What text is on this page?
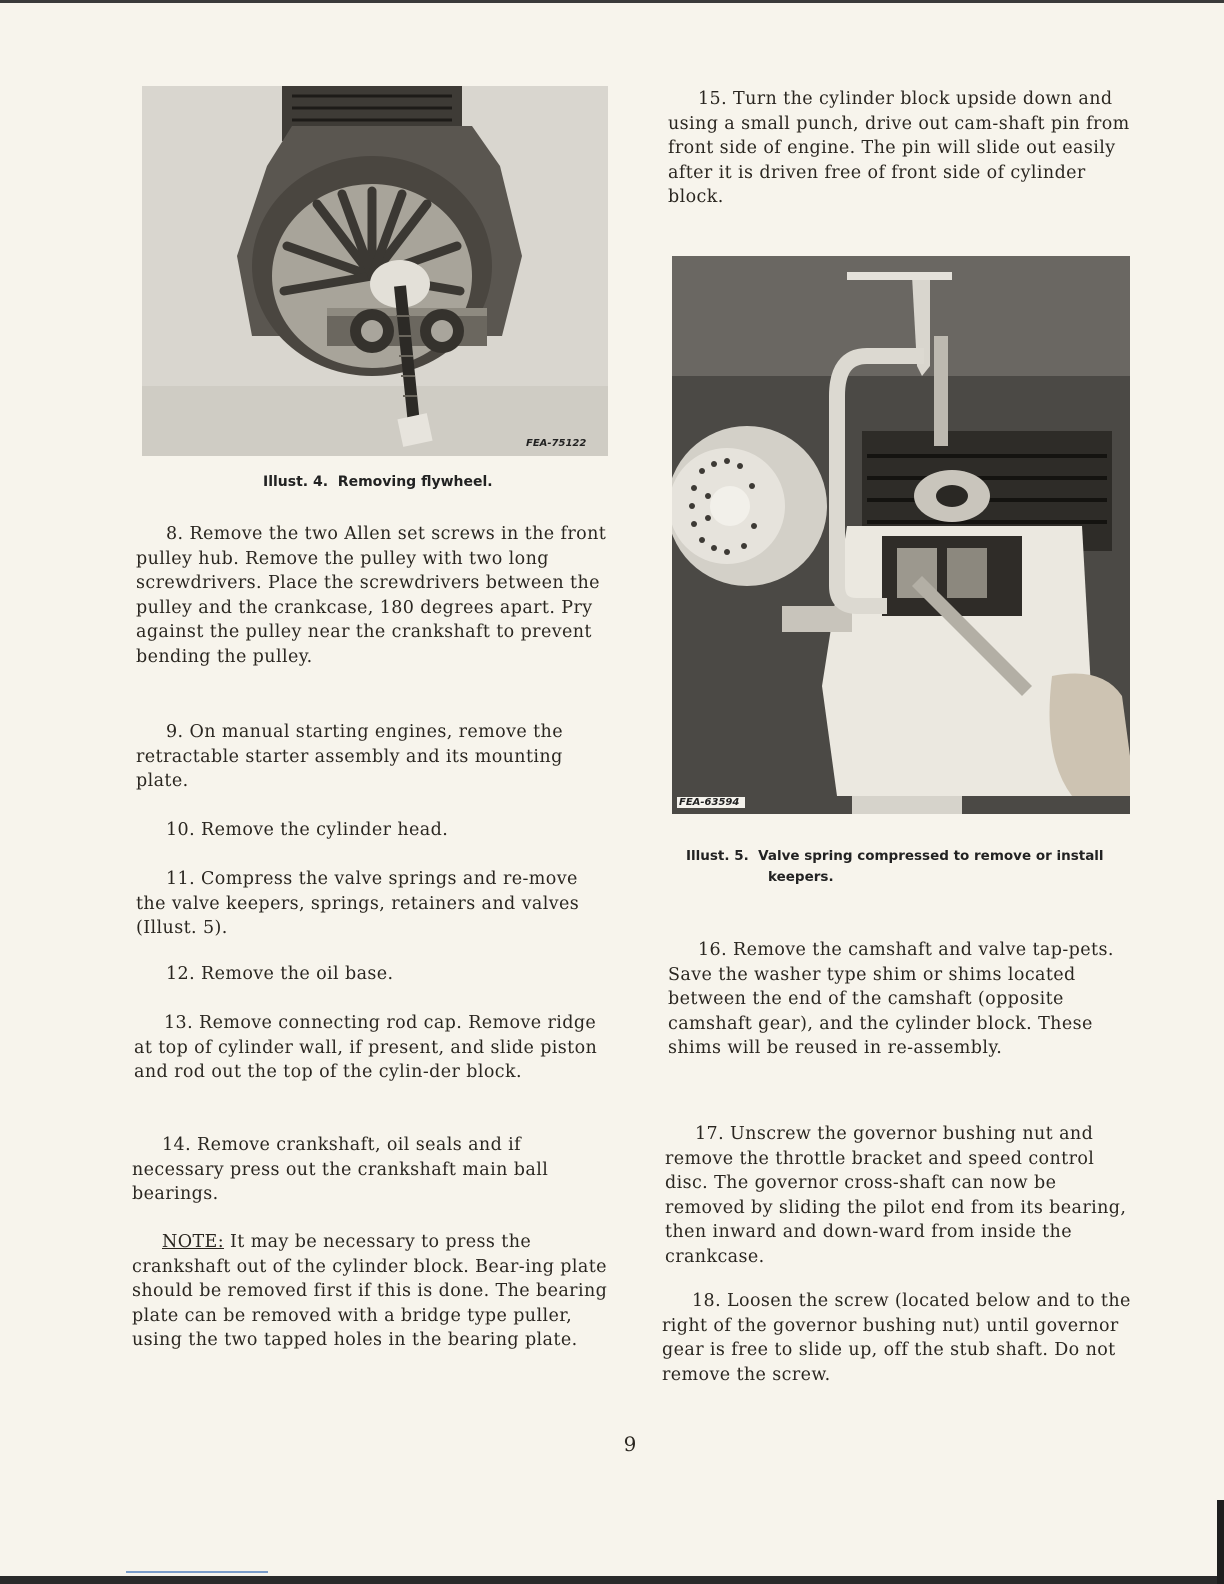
FEA-75122
Illust. 4.  Removing flywheel.

8. Remove the two Allen set screws in the front pulley hub. Remove the pulley with two long screwdrivers. Place the screwdrivers between the pulley and the crankcase, 180 degrees apart. Pry against the pulley near the crankshaft to prevent bending the pulley.

9. On manual starting engines, remove the retractable starter assembly and its mounting plate.

10. Remove the cylinder head.

11. Compress the valve springs and re-move the valve keepers, springs, retainers and valves (Illust. 5).

12. Remove the oil base.

13. Remove connecting rod cap. Remove ridge at top of cylinder wall, if present, and slide piston and rod out the top of the cylin-der block.

14. Remove crankshaft, oil seals and if necessary press out the crankshaft main ball bearings.

NOTE: It may be necessary to press the crankshaft out of the cylinder block. Bear-ing plate should be removed first if this is done. The bearing plate can be removed with a bridge type puller, using the two tapped holes in the bearing plate.

15. Turn the cylinder block upside down and using a small punch, drive out cam-shaft pin from front side of engine. The pin will slide out easily after it is driven free of front side of cylinder block.

FEA-63594
Illust. 5.  Valve spring compressed to remove or install
keepers.

16. Remove the camshaft and valve tap-pets. Save the washer type shim or shims located between the end of the camshaft (opposite camshaft gear), and the cylinder block. These shims will be reused in re-assembly.

17. Unscrew the governor bushing nut and remove the throttle bracket and speed control disc. The governor cross-shaft can now be removed by sliding the pilot end from its bearing, then inward and down-ward from inside the crankcase.

18. Loosen the screw (located below and to the right of the governor bushing nut) until governor gear is free to slide up, off the stub shaft. Do not remove the screw.

9
